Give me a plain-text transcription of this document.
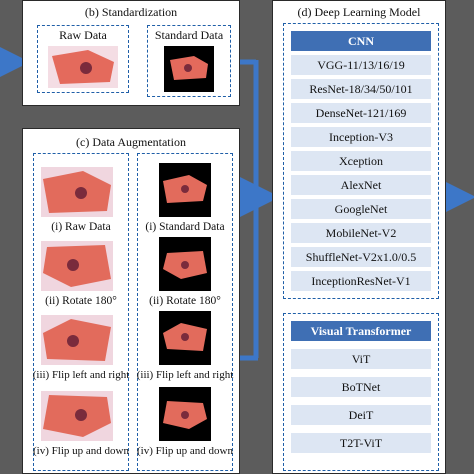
(b) Standardization
Raw Data	Standard Data
(c) Data Augmentation
(i) Raw Data
(ii) Rotate 180°
(iii) Flip left and right
(iv) Flip up and down
(i) Standard Data
(ii) Rotate 180°
(iii) Flip left and right
(iv) Flip up and down
(d) Deep Learning Model
CNN
VGG-11/13/16/19
ResNet-18/34/50/101
DenseNet-121/169
Inception-V3
Xception
AlexNet
GoogleNet
MobileNet-V2
ShuffleNet-V2x1.0/0.5
InceptionResNet-V1
Visual Transformer
ViT
BoTNet
DeiT
T2T-ViT
